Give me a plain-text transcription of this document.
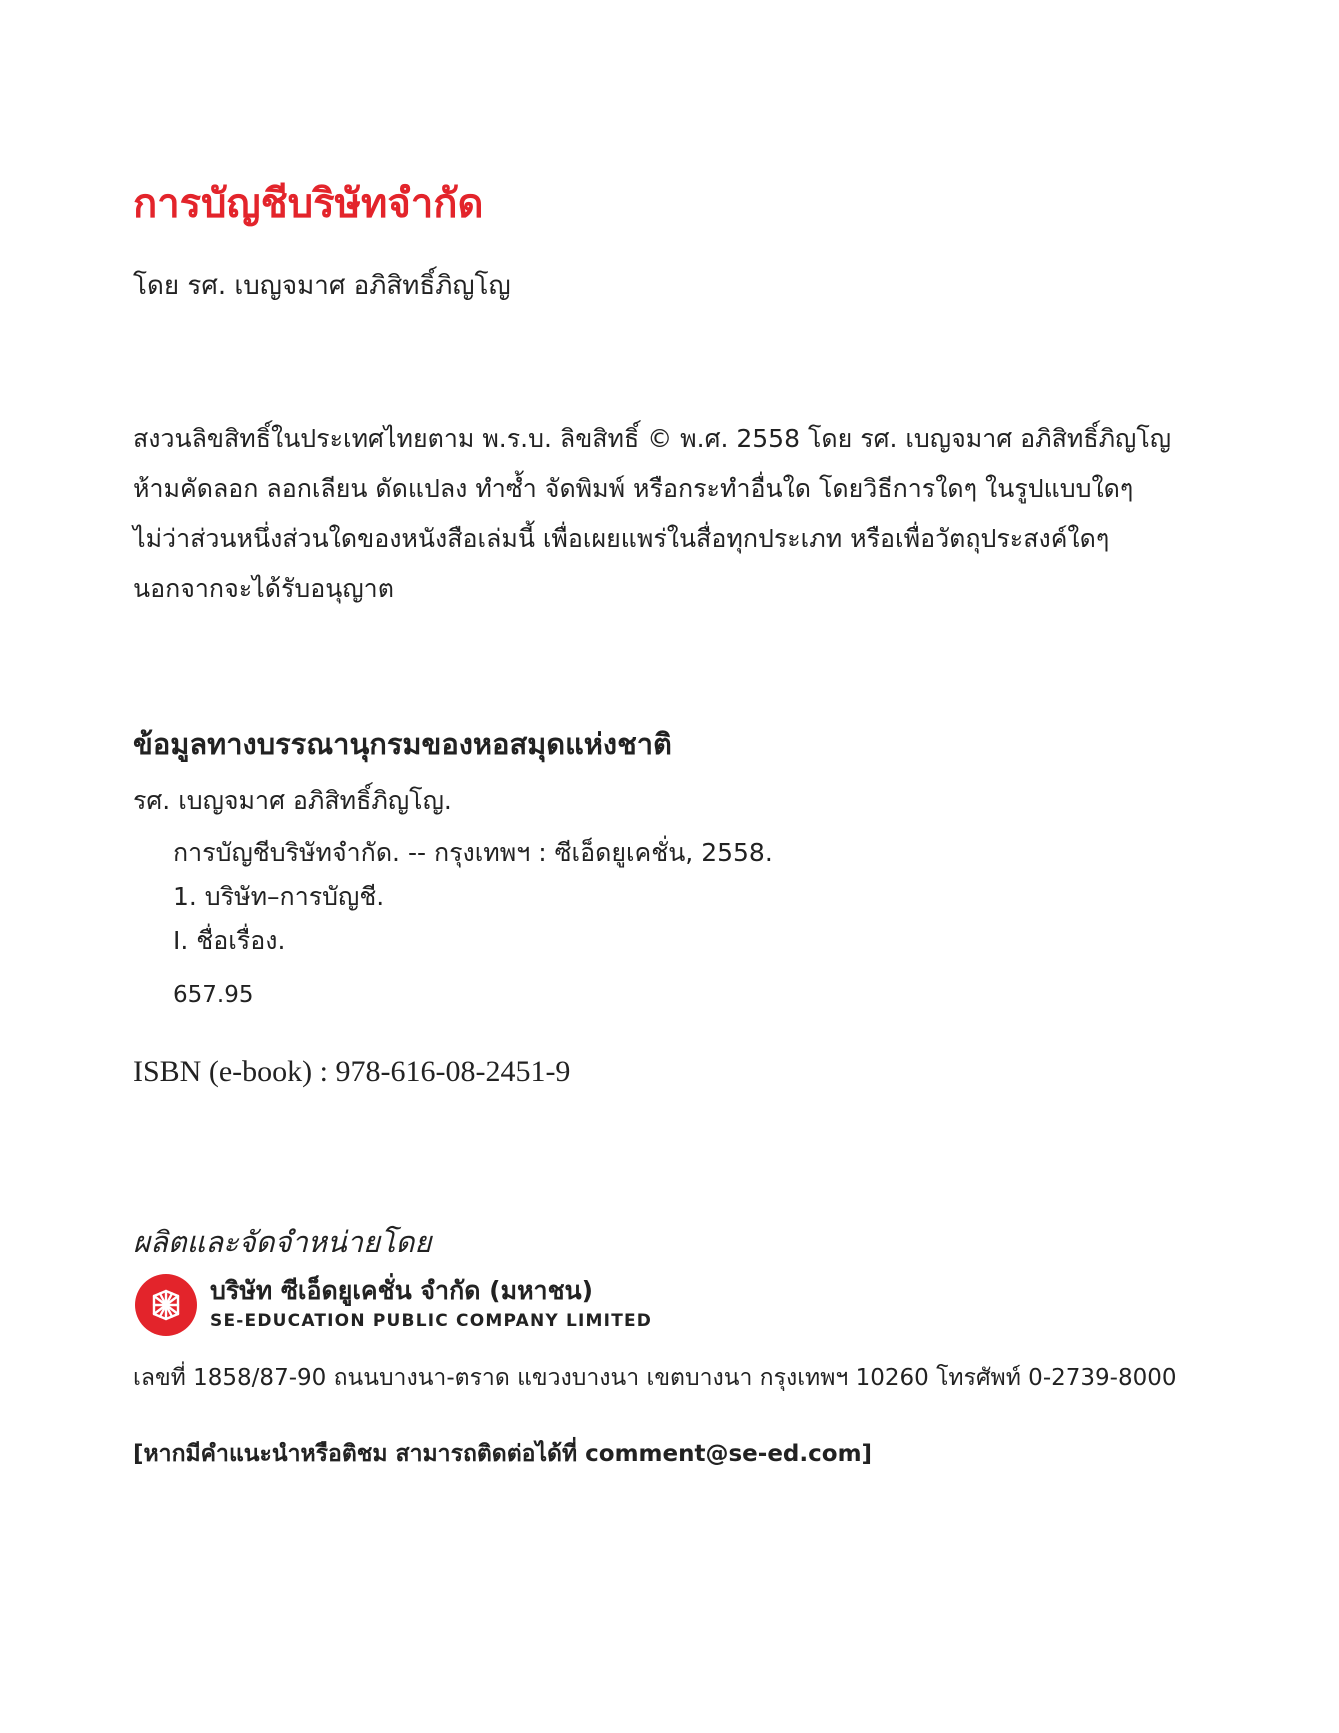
การบัญชีบริษัทจำกัด
โดย รศ. เบญจมาศ อภิสิทธิ์ภิญโญ
สงวนลิขสิทธิ์ในประเทศไทยตาม พ.ร.บ. ลิขสิทธิ์ © พ.ศ. 2558 โดย รศ. เบญจมาศ อภิสิทธิ์ภิญโญ
ห้ามคัดลอก ลอกเลียน ดัดแปลง ทำซ้ำ จัดพิมพ์ หรือกระทำอื่นใด โดยวิธีการใดๆ ในรูปแบบใดๆ
ไม่ว่าส่วนหนึ่งส่วนใดของหนังสือเล่มนี้ เพื่อเผยแพร่ในสื่อทุกประเภท หรือเพื่อวัตถุประสงค์ใดๆ
นอกจากจะได้รับอนุญาต
ข้อมูลทางบรรณานุกรมของหอสมุดแห่งชาติ
รศ. เบญจมาศ อภิสิทธิ์ภิญโญ.
การบัญชีบริษัทจำกัด. -- กรุงเทพฯ : ซีเอ็ดยูเคชั่น, 2558.
1. บริษัท–การบัญชี.
I. ชื่อเรื่อง.
657.95
ISBN (e-book) : 978-616-08-2451-9
ผลิตและจัดจำหน่ายโดย
บริษัท ซีเอ็ดยูเคชั่น จำกัด (มหาชน)
SE-EDUCATION PUBLIC COMPANY LIMITED
เลขที่ 1858/87-90 ถนนบางนา-ตราด แขวงบางนา เขตบางนา กรุงเทพฯ 10260 โทรศัพท์ 0-2739-8000
[หากมีคำแนะนำหรือติชม สามารถติดต่อได้ที่ comment@se-ed.com]
